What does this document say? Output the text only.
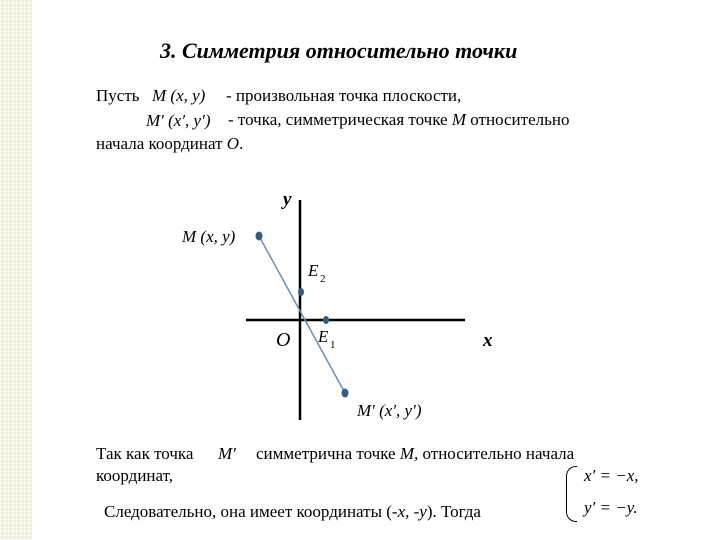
3. Симметрия относительно точки
Пусть M (x, y) - произвольная точка плоскости,
M′ (x′, y′) - точка, симметрическая точке M относительно
начала координат O.
y
x
O
M (x, y)
E 2
E 1
M′ (x′, y′)
Так как точка M′ симметрична точке M, относительно начала
координат,
Следовательно, она имеет координаты (-x, -y). Тогда
x′ = −x,
y′ = −y.
